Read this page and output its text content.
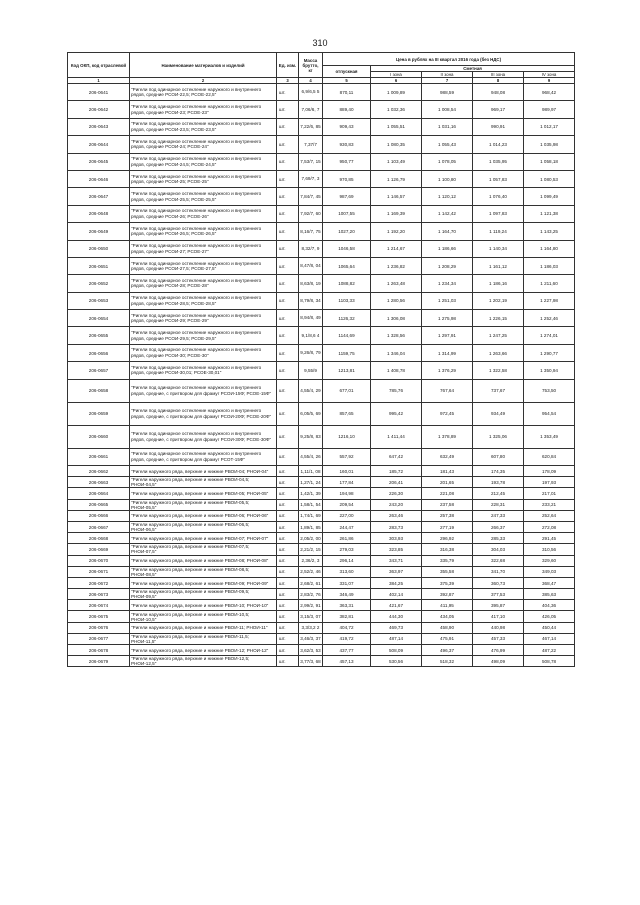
310
Код ОКП, код отраслевой	Наименование материалов и изделий	Ед. изм.	Масса брутто, кг	Цена в рублях на III квартал 2016 года (без НДС)				
				отпускная	Сметная			
					I зона	II зона	III зона	IV зона
1	2	3	4	5	6	7	8	9
206-0641	"Ригели под одинарное остекление наружного и внутреннего рядов, средние РСОИ-22,5; РСОЕ-22,5"	шт.	6,9/6,5 5	870,11	1 009,89	988,59	948,08	968,42
206-0642	"Ригели под одинарное остекление наружного и внутреннего рядов, средние РСОИ-23; РСОЕ-23"	шт.	7,06/6, 7	889,40	1 032,36	1 008,54	969,17	989,97
206-0643	"Ригели под одинарное остекление наружного и внутреннего рядов, средние РСОИ-23,5; РСОЕ-23,5"	шт.	7,22/6, 85	909,43	1 055,51	1 031,16	990,91	1 012,17
206-0644	"Ригели под одинарное остекление наружного и внутреннего рядов, средние РСОИ-24; РСОЕ-24"	шт.	7,37/7	930,83	1 080,35	1 055,43	1 014,23	1 035,98
206-0645	"Ригели под одинарное остекление наружного и внутреннего рядов, средние РСОИ-24,5; РСОЕ-24,5"	шт.	7,53/7, 15	950,77	1 103,49	1 078,05	1 035,95	1 058,18
206-0646	"Ригели под одинарное остекление наружного и внутреннего рядов, средние РСОИ-25; РСОЕ-25"	шт.	7,69/7, 3	970,85	1 126,79	1 100,80	1 057,83	1 080,53
206-0647	"Ригели под одинарное остекление наружного и внутреннего рядов, средние РСОИ-25,5; РСОЕ-25,5"	шт.	7,84/7, 45	987,69	1 146,57	1 120,12	1 076,40	1 099,49
206-0648	"Ригели под одинарное остекление наружного и внутреннего рядов, средние РСОИ-26; РСОЕ-26"	шт.	7,92/7, 60	1007,55	1 169,39	1 142,42	1 097,83	1 121,38
206-0649	"Ригели под одинарное остекление наружного и внутреннего рядов, средние РСОИ-26,5; РСОЕ-26,5"	шт.	8,16/7, 75	1027,20	1 192,20	1 164,70	1 119,24	1 143,25
206-0650	"Ригели под одинарное остекление наружного и внутреннего рядов, средние РСОИ-27; РСОЕ-27"	шт.	8,32/7, 9	1046,58	1 214,67	1 186,66	1 140,34	1 164,80
206-0651	"Ригели под одинарное остекление наружного и внутреннего рядов, средние РСОИ-27,5; РСОЕ-27,5"	шт.	8,47/8, 04	1065,64	1 236,82	1 208,29	1 161,12	1 186,03
206-0652	"Ригели под одинарное остекление наружного и внутреннего рядов, средние РСОИ-28; РСОЕ-28"	шт.	8,63/8, 19	1088,82	1 263,48	1 234,34	1 186,16	1 211,60
206-0653	"Ригели под одинарное остекление наружного и внутреннего рядов, средние РСОИ-28,5; РСОЕ-28,5"	шт.	8,79/8, 34	1103,33	1 280,56	1 251,03	1 202,19	1 227,98
206-0654	"Ригели под одинарное остекление наружного и внутреннего рядов, средние РСОИ-29; РСОЕ-29"	шт.	8,94/8, 49	1126,32	1 306,08	1 275,98	1 226,15	1 252,46
206-0655	"Ригели под одинарное остекление наружного и внутреннего рядов, средние РСОИ-29,5; РСОЕ-29,5"	шт.	9,1/8,6 4	1144,69	1 328,56	1 297,91	1 247,25	1 274,01
206-0656	"Ригели под одинарное остекление наружного и внутреннего рядов, средние РСОИ-30; РСОЕ-30"	шт.	9,26/8, 79	1159,75	1 346,04	1 314,99	1 263,66	1 290,77
206-0657	"Ригели под одинарное остекление наружного и внутреннего рядов, средние РСОИ-30,01; РСОЕ-30,01"	шт.	9,55/9	1213,81	1 408,78	1 376,29	1 322,58	1 350,94
206-0658	"Ригели под одинарное остекление наружного и внутреннего рядов, средние, с притвором для фрамуг РСОИ-15Ф; РСОЕ-15Ф"	шт.	4,55/4, 29	677,01	785,76	767,64	737,67	753,50
206-0659	"Ригели под одинарное остекление наружного и внутреннего рядов, средние, с притвором для фрамуг РСОИ-20Ф; РСОЕ-20Ф"	шт.	6,05/5, 69	857,65	995,42	972,45	934,49	954,54
206-0660	"Ригели под одинарное остекление наружного и внутреннего рядов, средние, с притвором для фрамуг РСОИ-30Ф; РСОЕ-30Ф"	шт.	9,25/8, 83	1216,10	1 411,44	1 378,89	1 325,06	1 353,49
206-0661	"Ригели под одинарное остекление наружного и внутреннего рядов, средние, с притвором для фрамуг РСОТ-15Ф"	шт.	4,55/4, 26	557,92	647,42	632,49	607,80	620,84
206-0662	"Ригели наружного ряда, верхние и нижние РВОИ-04; РНОИ-04"	шт.	1,11/1, 08	160,01	185,72	181,43	174,35	178,09
206-0663	"Ригели наружного ряда, верхние и нижние РВОИ-04,5; РНОИ-04,5"	шт.	1,27/1, 24	177,84	206,41	201,65	193,78	197,93
206-0664	"Ригели наружного ряда, верхние и нижние РВОИ-05; РНОИ-05"	шт.	1,42/1, 39	194,98	226,30	221,08	212,45	217,01
206-0665	"Ригели наружного ряда, верхние и нижние РВОИ-05,5; РНОИ-05,5"	шт.	1,58/1, 54	209,54	243,20	237,58	228,31	233,21
206-0666	"Ригели наружного ряда, верхние и нижние РВОИ-06; РНОИ-06"	шт.	1,74/1, 69	227,00	263,46	257,38	247,33	252,64
206-0667	"Ригели наружного ряда, верхние и нижние РВОИ-06,5; РНОИ-06,5"	шт.	1,89/1, 85	244,47	283,73	277,19	266,37	272,08
206-0668	"Ригели наружного ряда, верхние и нижние РВОИ-07; РНОИ-07"	шт.	2,05/2, 00	261,86	303,93	296,92	285,33	291,45
206-0669	"Ригели наружного ряда, верхние и нижние РВОИ-07,5; РНОИ-07,5"	шт.	2,21/2, 15	279,03	323,85	316,38	304,03	310,56
206-0670	"Ригели наружного ряда, верхние и нижние РВОИ-08; РНОИ-08"	шт.	2,36/2, 3	296,14	343,71	335,79	322,68	329,60
206-0671	"Ригели наружного ряда, верхние и нижние РВОИ-08,5; РНОИ-08,5"	шт.	2,52/2, 46	313,60	363,97	355,58	341,70	349,03
206-0672	"Ригели наружного ряда, верхние и нижние РВОИ-09; РНОИ-09"	шт.	2,68/2, 61	331,07	384,25	375,39	360,73	368,47
206-0673	"Ригели наружного ряда, верхние и нижние РВОИ-09,5; РНОИ-09,5"	шт.	2,83/2, 76	346,49	402,14	392,87	377,53	385,63
206-0674	"Ригели наружного ряда, верхние и нижние РВОИ-10; РНОИ-10"	шт.	2,99/2, 91	363,31	421,67	411,95	395,87	404,36
206-0675	"Ригели наружного ряда, верхние и нижние РВОИ-10,5; РНОИ-10,5"	шт.	3,15/3, 07	382,81	444,30	434,05	417,10	426,05
206-0676	"Ригели наружного ряда, верхние и нижние РВОИ-11; РНОИ-11"	шт.	3,3/3,2 2	404,72	469,73	458,90	440,98	450,44
206-0677	"Ригели наружного ряда, верхние и нижние РВОИ-11,5; РНОИ-11,5"	шт.	3,46/3, 37	419,72	487,14	475,91	457,33	467,14
206-0678	"Ригели наружного ряда, верхние и нижние РВОИ-12; РНОИ-12"	шт.	3,62/3, 53	437,77	508,09	496,37	476,99	487,22
206-0679	"Ригели наружного ряда, верхние и нижние РВОИ-12,5; РНОИ-12,5"	шт.	3,77/3, 68	457,13	530,56	518,32	498,09	508,78
